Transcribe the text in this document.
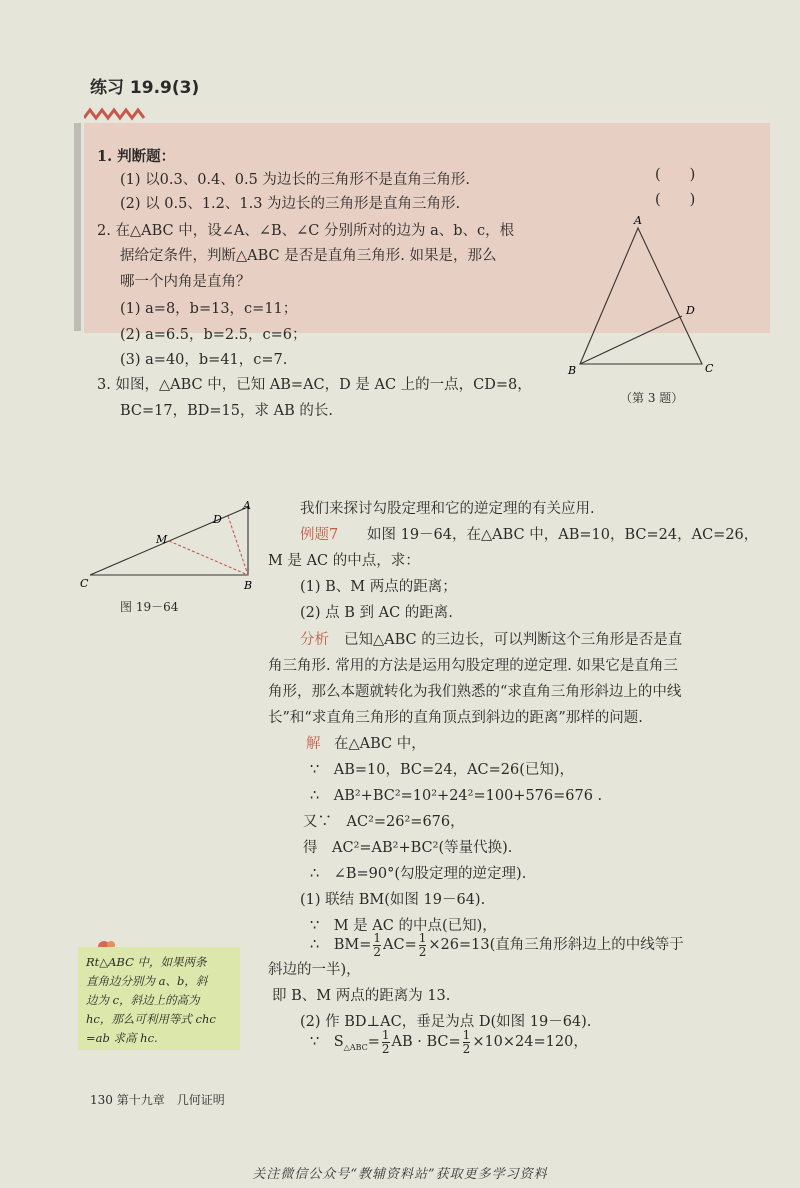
练习 19.9(3)
1. 判断题：
(1) 以0.3、0.4、0.5 为边长的三角形不是直角三角形.	(　　)
(2) 以 0.5、1.2、1.3 为边长的三角形是直角三角形.	(　　)
2. 在△ABC 中，设∠A、∠B、∠C 分别所对的边为 a、b、c，根
据给定条件，判断△ABC 是否是直角三角形. 如果是，那么
哪一个内角是直角？
(1) a=8，b=13，c=11；
(2) a=6.5，b=2.5，c=6；
(3) a=40，b=41，c=7.
3. 如图，△ABC 中，已知 AB=AC，D 是 AC 上的一点，CD=8，
BC=17，BD=15，求 AB 的长.
A
B	C
D
（第 3 题）
A
C	B
D
M
图 19－64
我们来探讨勾股定理和它的逆定理的有关应用.
例题7 如图 19－64，在△ABC 中，AB=10，BC=24，AC=26，
M 是 AC 的中点，求：
(1) B、M 两点的距离；
(2) 点 B 到 AC 的距离.
分析 已知△ABC 的三边长，可以判断这个三角形是否是直
角三角形. 常用的方法是运用勾股定理的逆定理. 如果它是直角三
角形，那么本题就转化为我们熟悉的“求直角三角形斜边上的中线
长”和“求直角三角形的直角顶点到斜边的距离”那样的问题.
解 在△ABC 中，
∵　AB=10，BC=24，AC=26(已知)，
∴　AB²+BC²=10²+24²=100+576=676 .
又∵　AC²=26²=676，
得　AC²=AB²+BC²(等量代换).
∴　∠B=90°(勾股定理的逆定理).
(1) 联结 BM(如图 19－64).
∵　M 是 AC 的中点(已知)，
∴　$BM= \frac{1}{2} AC= \frac{1}{2} \times 26=13$(直角三角形斜边上的中线等于
斜边的一半)，
即 B、M 两点的距离为 13.
(2) 作 BD⊥AC，垂足为点 D(如图 19－64).
∵　$S_{\triangle ABC}= \frac{1}{2}$ AB · $BC= \frac{1}{2} \times 10\times 24=120$，
Rt△ABC 中，如果两条
直角边分别为 a、b，斜
边为 c，斜边上的高为
hc，那么可利用等式 chc
=ab 求高 hc.
130 第十九章　几何证明
关注微信公众号“教辅资料站”获取更多学习资料
